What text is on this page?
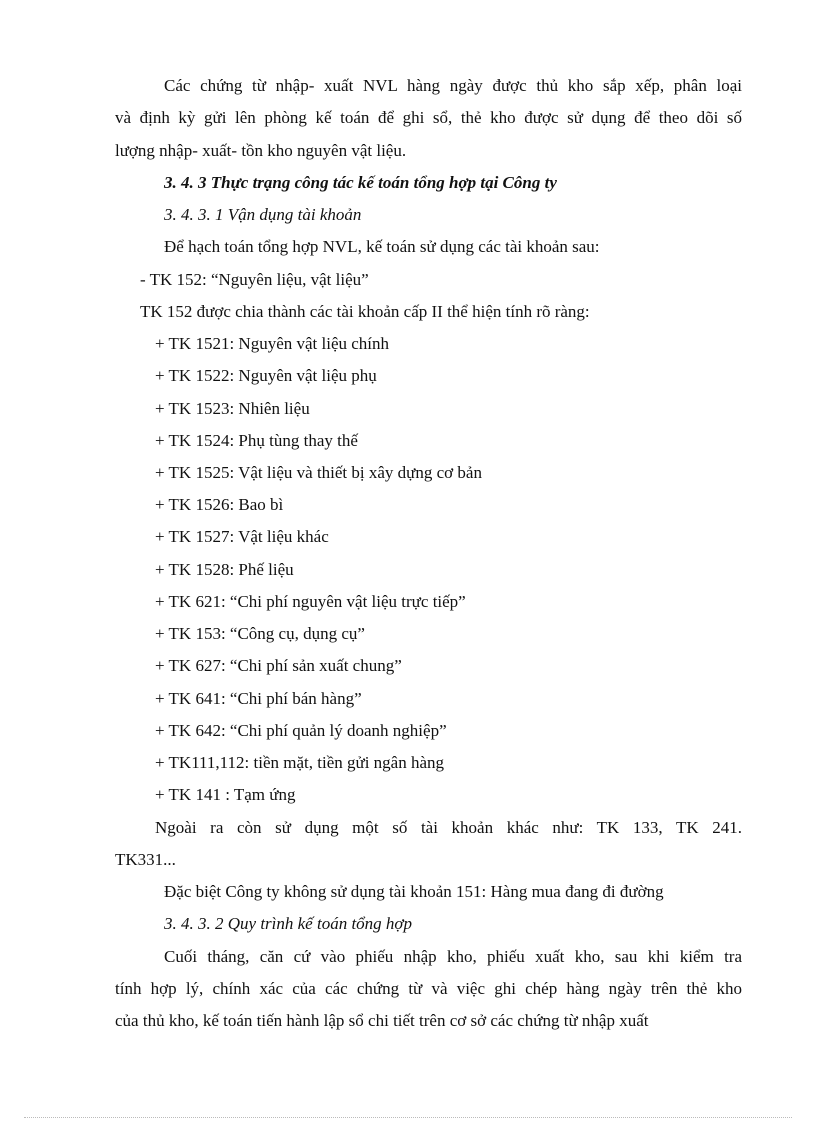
Các chứng từ nhập- xuất NVL hàng ngày được thủ kho sắp xếp, phân loại
và định kỳ gửi lên phòng kế toán để ghi sổ, thẻ kho được sử dụng để theo dõi số
lượng nhập- xuất- tồn kho nguyên vật liệu.
3. 4. 3 Thực trạng công tác kế toán tổng hợp tại Công ty
3. 4. 3. 1 Vận dụng tài khoản
Để hạch toán tổng hợp NVL, kế toán sử dụng các tài khoản sau:
- TK 152: “Nguyên liệu, vật liệu”
TK 152 được chia thành các tài khoản cấp II thể hiện tính rõ ràng:
+ TK 1521: Nguyên vật liệu chính
+ TK 1522: Nguyên vật liệu phụ
+ TK 1523: Nhiên liệu
+ TK 1524: Phụ tùng thay thế
+ TK 1525: Vật liệu và thiết bị xây dựng cơ bản
+ TK 1526: Bao bì
+ TK 1527: Vật liệu khác
+ TK 1528: Phế liệu
+ TK 621: “Chi phí nguyên vật liệu trực tiếp”
+ TK 153: “Công cụ, dụng cụ”
+ TK 627: “Chi phí sản xuất chung”
+ TK 641: “Chi phí bán hàng”
+ TK 642: “Chi phí quản lý doanh nghiệp”
+ TK111,112: tiền mặt, tiền gửi ngân hàng
+ TK 141 : Tạm ứng
Ngoài ra còn sử dụng một số tài khoản khác như: TK 133, TK 241.
TK331...
Đặc biệt Công ty không sử dụng tài khoản 151: Hàng mua đang đi đường
3. 4. 3. 2 Quy trình kế toán tổng hợp
Cuối tháng, căn cứ vào phiếu nhập kho, phiếu xuất kho, sau khi kiểm tra
tính hợp lý, chính xác của các chứng từ và việc ghi chép hàng ngày trên thẻ kho
của thủ kho, kế toán tiến hành lập sổ chi tiết trên cơ sở các chứng từ nhập xuất
